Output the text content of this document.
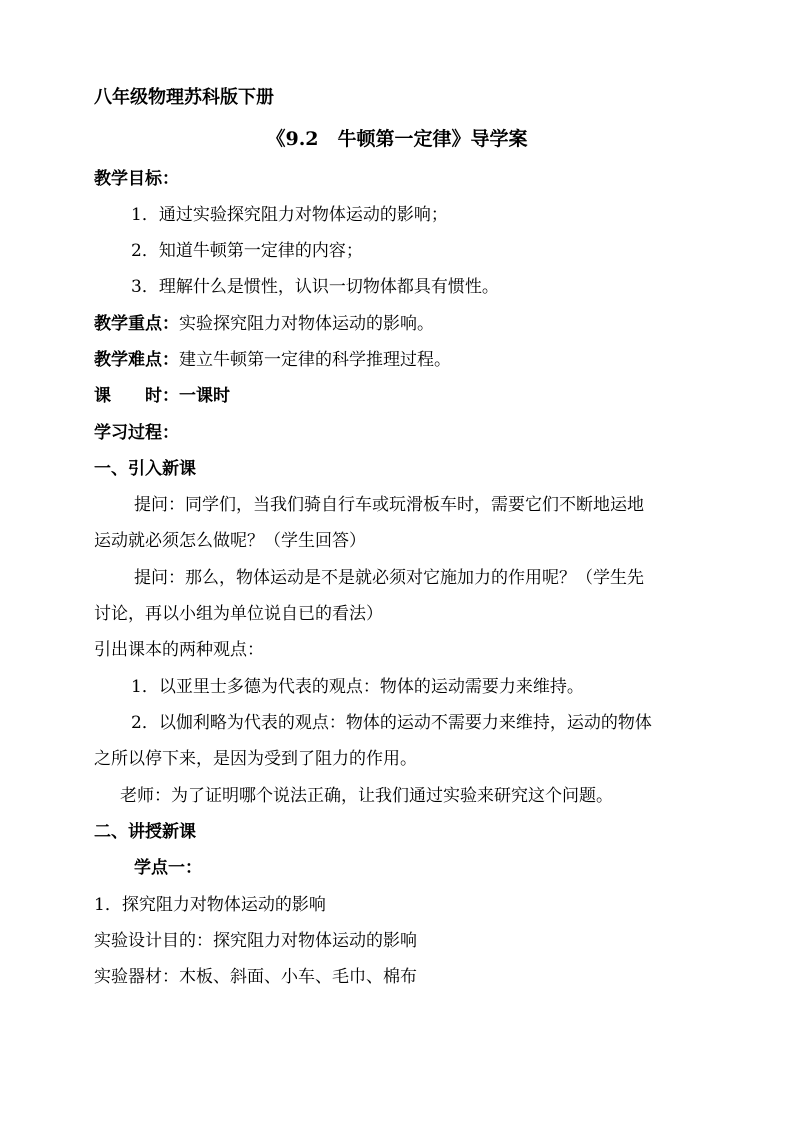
八年级物理苏科版下册
《9.2　牛顿第一定律》导学案
教学目标：
1．通过实验探究阻力对物体运动的影响；
2．知道牛顿第一定律的内容；
3．理解什么是惯性，认识一切物体都具有惯性。
教学重点：实验探究阻力对物体运动的影响。
教学难点：建立牛顿第一定律的科学推理过程。
课　　时：一课时
学习过程：
一、引入新课
提问：同学们，当我们骑自行车或玩滑板车时，需要它们不断地运地
运动就必须怎么做呢？（学生回答）
提问：那么，物体运动是不是就必须对它施加力的作用呢？（学生先
讨论，再以小组为单位说自已的看法）
引出课本的两种观点：
1．以亚里士多德为代表的观点：物体的运动需要力来维持。
2．以伽利略为代表的观点：物体的运动不需要力来维持，运动的物体
之所以停下来，是因为受到了阻力的作用。
老师：为了证明哪个说法正确，让我们通过实验来研究这个问题。
二、讲授新课
学点一：
1．探究阻力对物体运动的影响
实验设计目的：探究阻力对物体运动的影响
实验器材：木板、斜面、小车、毛巾、棉布
